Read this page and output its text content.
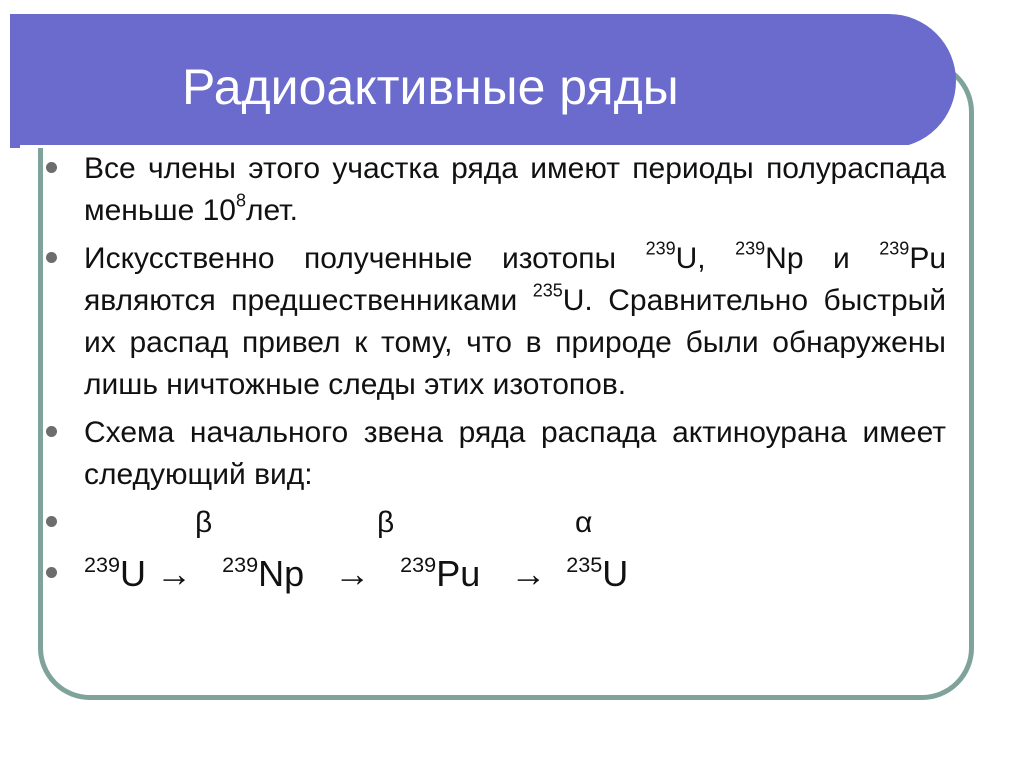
Радиоактивные ряды
Все члены этого участка ряда имеют периоды полураспада меньше $10^8лет$.
Искусственно полученные изотопы $^{239}$U, $^{239}$Np и $^{239}$Pu являются предшественниками $^{235}$U. Сравнительно быстрый их распад привел к тому, что в природе были обнаружены лишь ничтожные следы этих изотопов.
Схема начального звена ряда распада актиноурана имеет следующий вид:
β	β	α
$^{239}$U → $^{239}$Np → $^{239}$Pu → $^{235}$U
